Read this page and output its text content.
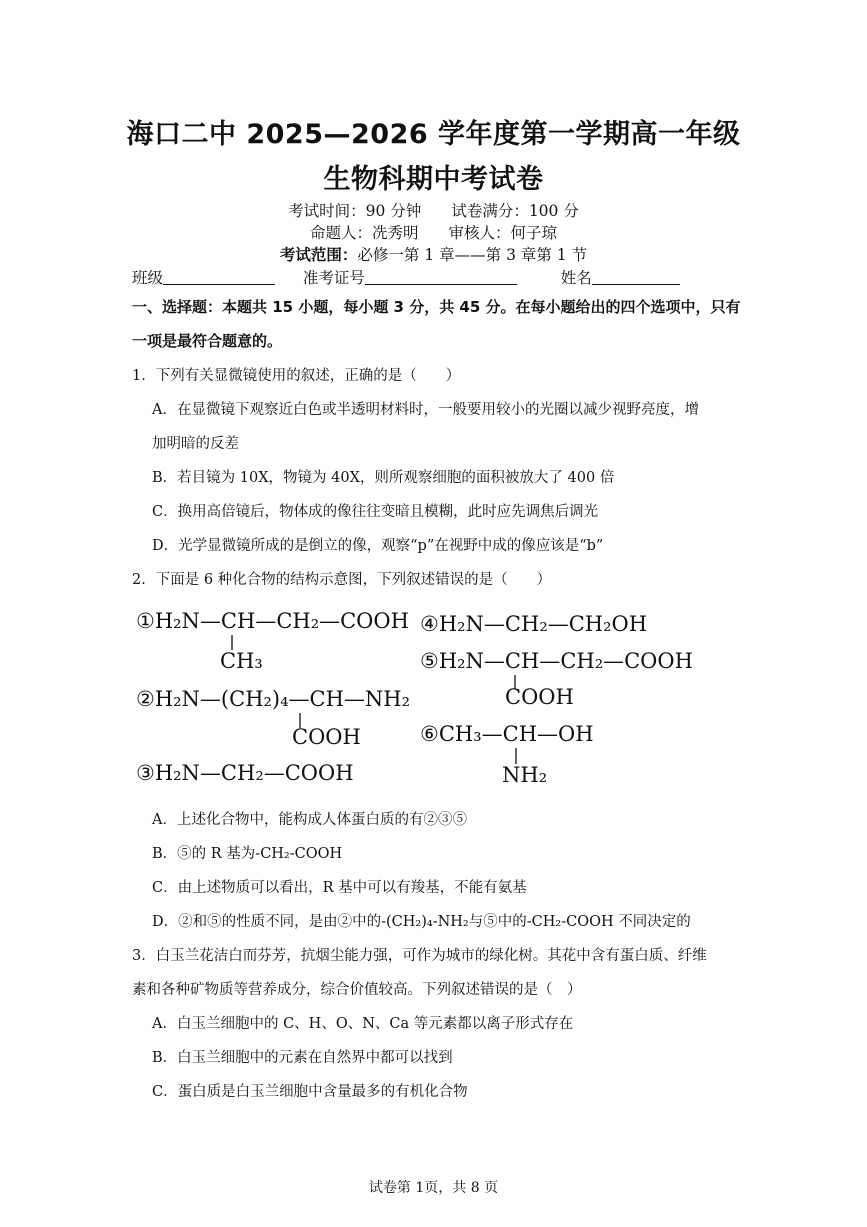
海口二中 2025—2026 学年度第一学期高一年级
生物科期中考试卷
考试时间：90 分钟 试卷满分：100 分
命题人：冼秀明 审核人：何子琼
考试范围：必修一第 1 章——第 3 章第 1 节
班级	准考证号	姓名
一、选择题：本题共 15 小题，每小题 3 分，共 45 分。在每小题给出的四个选项中，只有
一项是最符合题意的。
1．下列有关显微镜使用的叙述，正确的是（　　）
A．在显微镜下观察近白色或半透明材料时，一般要用较小的光圈以减少视野亮度，增
加明暗的反差
B．若目镜为 10X，物镜为 40X，则所观察细胞的面积被放大了 400 倍
C．换用高倍镜后，物体成的像往往变暗且模糊，此时应先调焦后调光
D．光学显微镜所成的是倒立的像，观察“p”在视野中成的像应该是“b”
2．下面是 6 种化合物的结构示意图，下列叙述错误的是（　　）
①H₂N—CH—CH₂—COOH
CH₃
②H₂N—(CH₂)₄—CH—NH₂
COOH
③H₂N—CH₂—COOH
④H₂N—CH₂—CH₂OH
⑤H₂N—CH—CH₂—COOH
COOH
⑥CH₃—CH—OH
NH₂
A．上述化合物中，能构成人体蛋白质的有②③⑤
B．⑤的 R 基为-CH₂-COOH
C．由上述物质可以看出，R 基中可以有羧基，不能有氨基
D．②和⑤的性质不同，是由②中的-(CH₂)₄-NH₂与⑤中的-CH₂-COOH 不同决定的
3．白玉兰花洁白而芬芳，抗烟尘能力强，可作为城市的绿化树。其花中含有蛋白质、纤维
素和各种矿物质等营养成分，综合价值较高。下列叙述错误的是（　）
A．白玉兰细胞中的 C、H、O、N、Ca 等元素都以离子形式存在
B．白玉兰细胞中的元素在自然界中都可以找到
C．蛋白质是白玉兰细胞中含量最多的有机化合物
试卷第 1页，共 8 页
